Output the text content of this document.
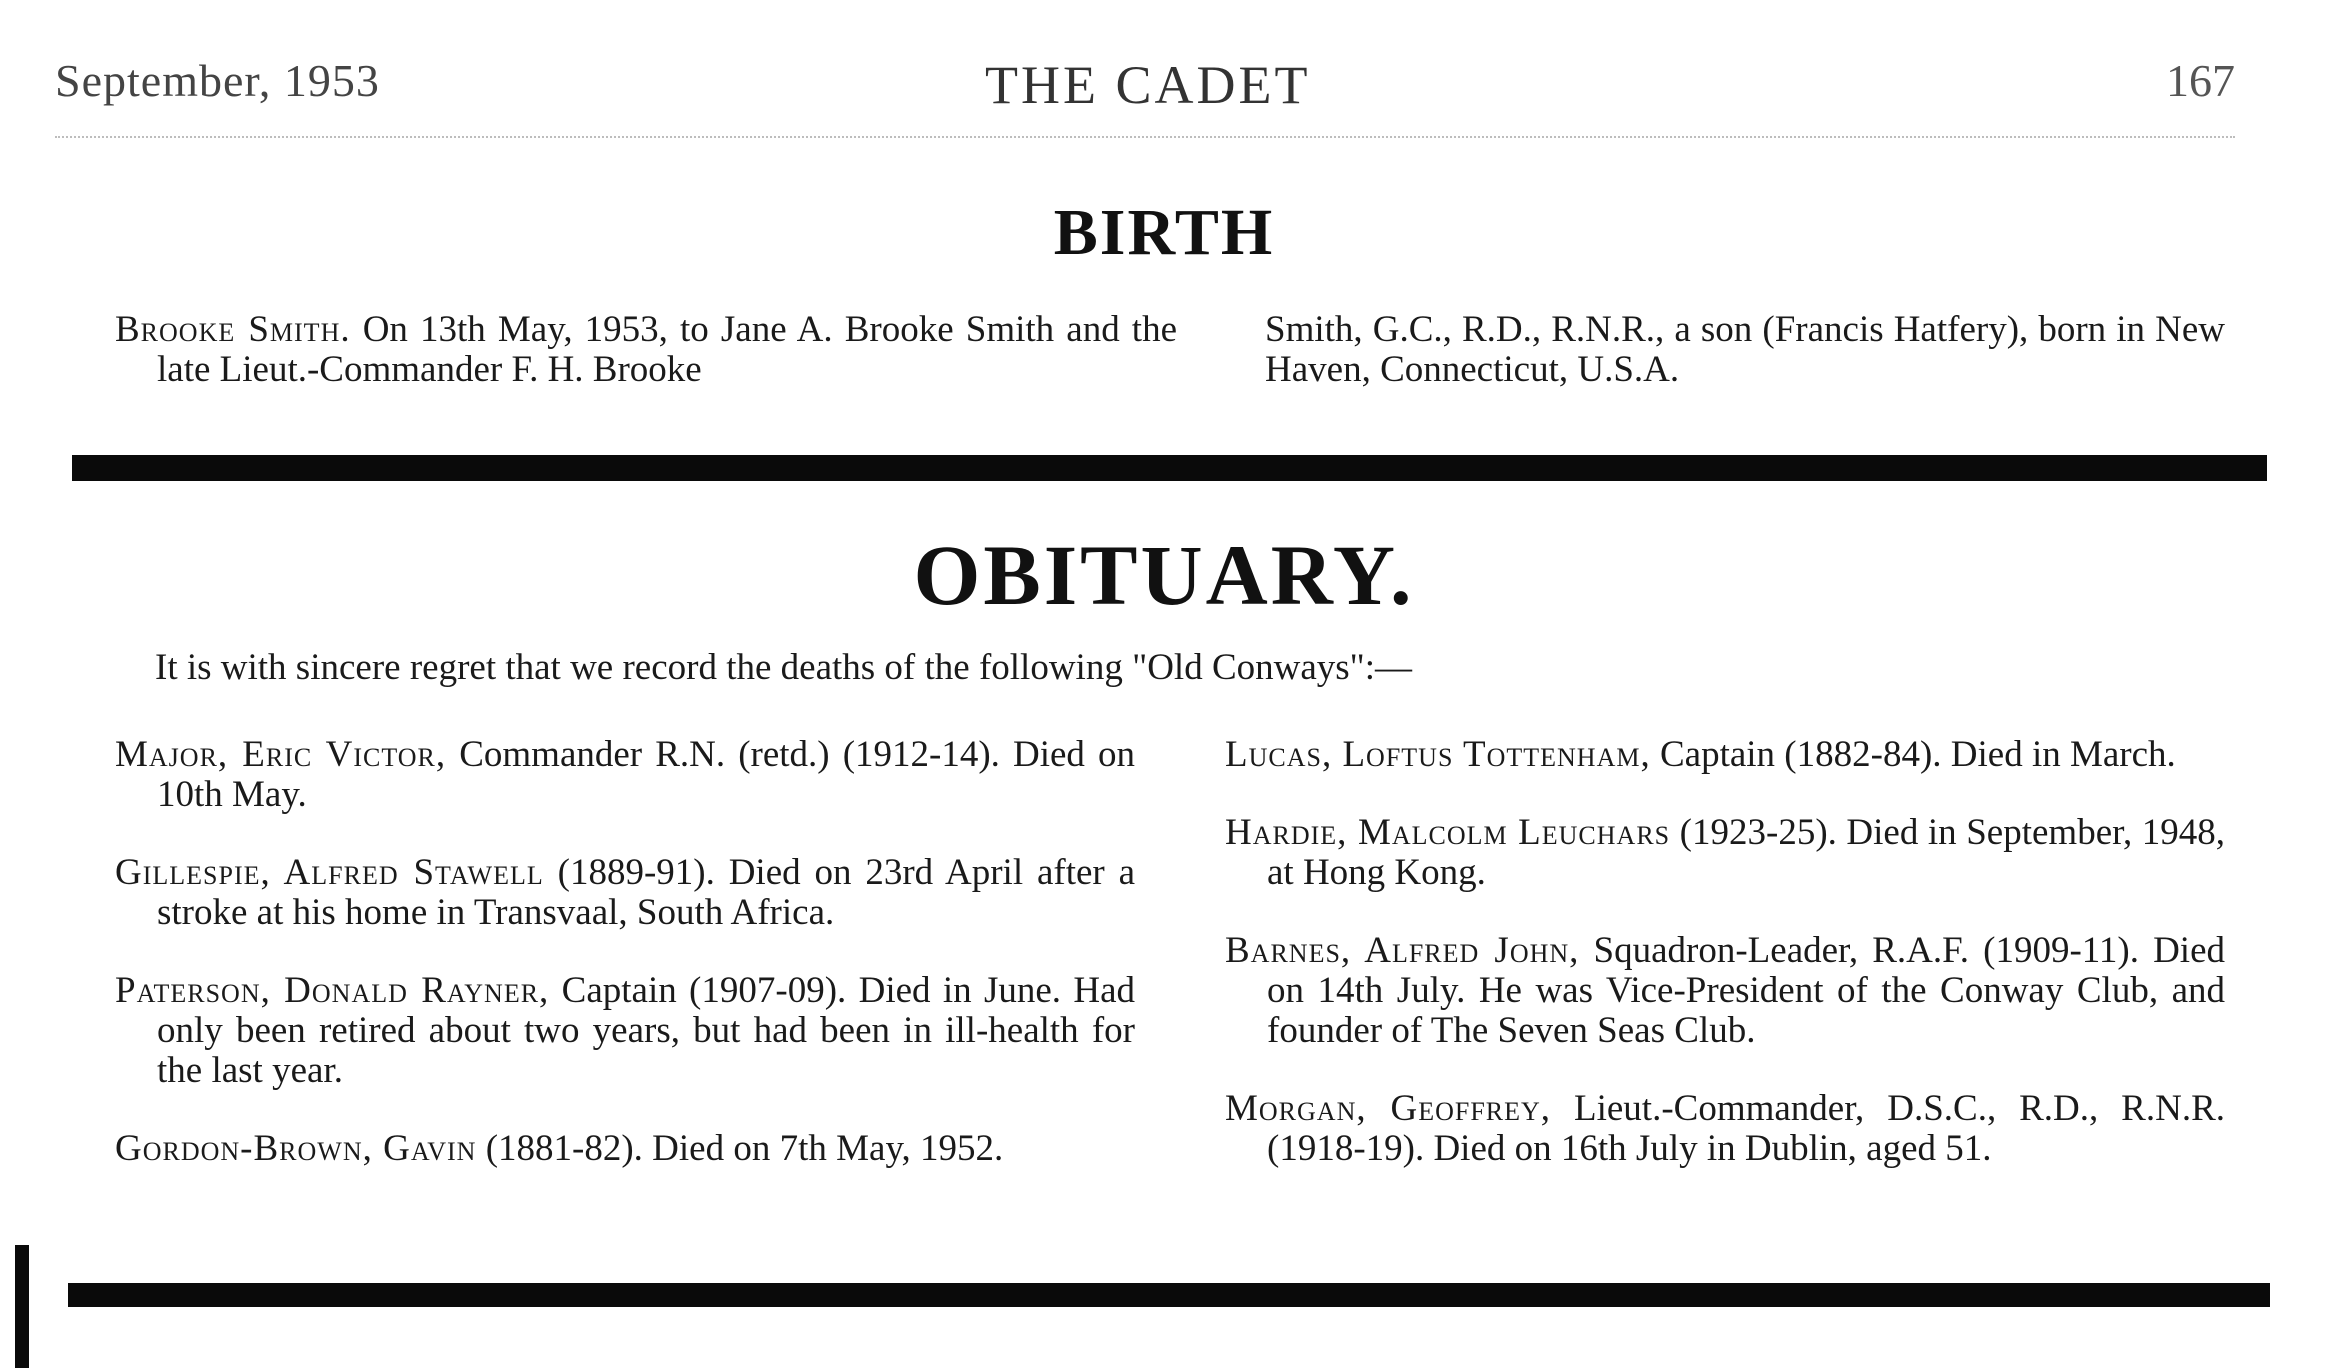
September, 1953	THE CADET	167
BIRTH
Brooke Smith. On 13th May, 1953, to Jane A. Brooke Smith and the late Lieut.-Commander F. H. Brooke
Smith, G.C., R.D., R.N.R., a son (Francis Hatfery), born in New Haven, Connecticut, U.S.A.
OBITUARY.
It is with sincere regret that we record the deaths of the following "Old Conways":—
Major, Eric Victor, Commander R.N. (retd.) (1912-14). Died on 10th May.
Gillespie, Alfred Stawell (1889-91). Died on 23rd April after a stroke at his home in Transvaal, South Africa.
Paterson, Donald Rayner, Captain (1907-09). Died in June. Had only been retired about two years, but had been in ill-health for the last year.
Gordon-Brown, Gavin (1881-82). Died on 7th May, 1952.
Lucas, Loftus Tottenham, Captain (1882-84). Died in March.
Hardie, Malcolm Leuchars (1923-25). Died in September, 1948, at Hong Kong.
Barnes, Alfred John, Squadron-Leader, R.A.F. (1909-11). Died on 14th July. He was Vice-President of the Conway Club, and founder of The Seven Seas Club.
Morgan, Geoffrey, Lieut.-Commander, D.S.C., R.D., R.N.R. (1918-19). Died on 16th July in Dublin, aged 51.
